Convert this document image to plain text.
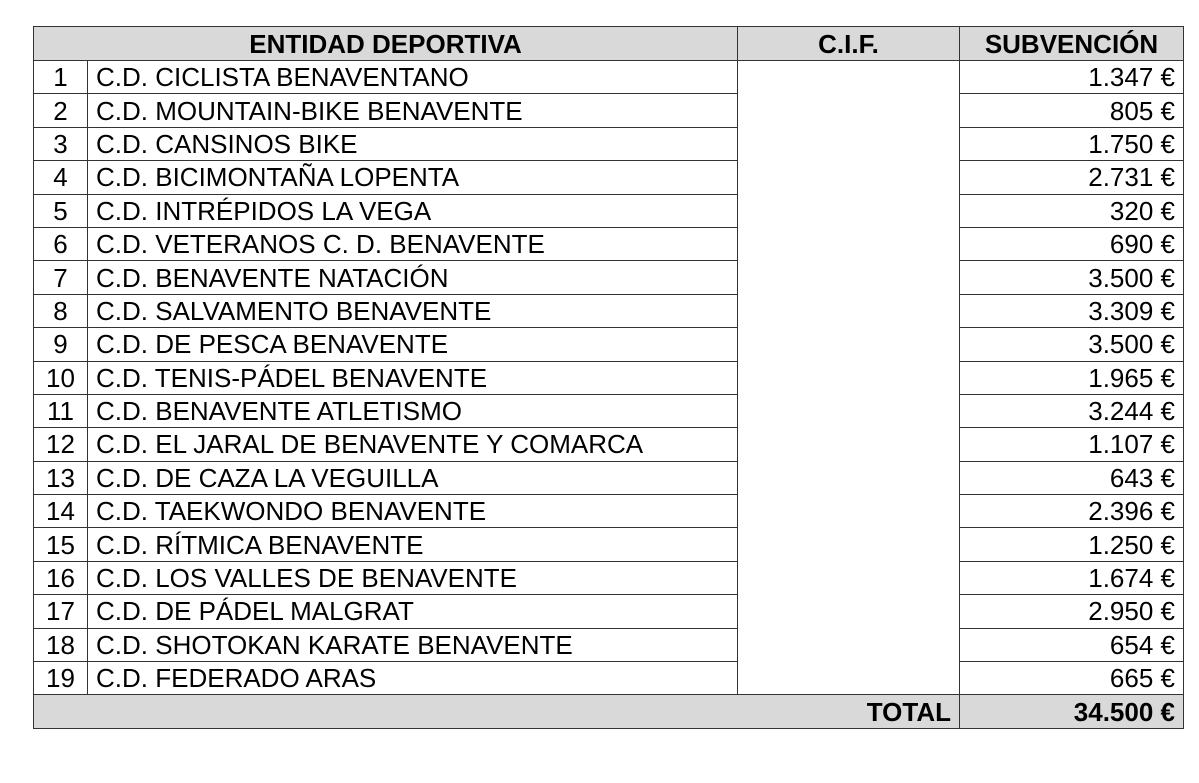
ENTIDAD DEPORTIVA		C.I.F.	SUBVENCIÓN
1	C.D. CICLISTA BENAVENTANO		1.347 €
2	C.D. MOUNTAIN-BIKE BENAVENTE		805 €
3	C.D. CANSINOS BIKE		1.750 €
4	C.D. BICIMONTAÑA LOPENTA		2.731 €
5	C.D. INTRÉPIDOS LA VEGA		320 €
6	C.D. VETERANOS C. D. BENAVENTE		690 €
7	C.D. BENAVENTE NATACIÓN		3.500 €
8	C.D. SALVAMENTO BENAVENTE		3.309 €
9	C.D. DE PESCA BENAVENTE		3.500 €
10	C.D. TENIS-PÁDEL BENAVENTE		1.965 €
11	C.D. BENAVENTE ATLETISMO		3.244 €
12	C.D. EL JARAL DE BENAVENTE Y COMARCA		1.107 €
13	C.D. DE CAZA LA VEGUILLA		643 €
14	C.D. TAEKWONDO BENAVENTE		2.396 €
15	C.D. RÍTMICA BENAVENTE		1.250 €
16	C.D. LOS VALLES DE BENAVENTE		1.674 €
17	C.D. DE PÁDEL MALGRAT		2.950 €
18	C.D. SHOTOKAN KARATE BENAVENTE		654 €
19	C.D. FEDERADO ARAS		665 €
TOTAL			34.500 €
